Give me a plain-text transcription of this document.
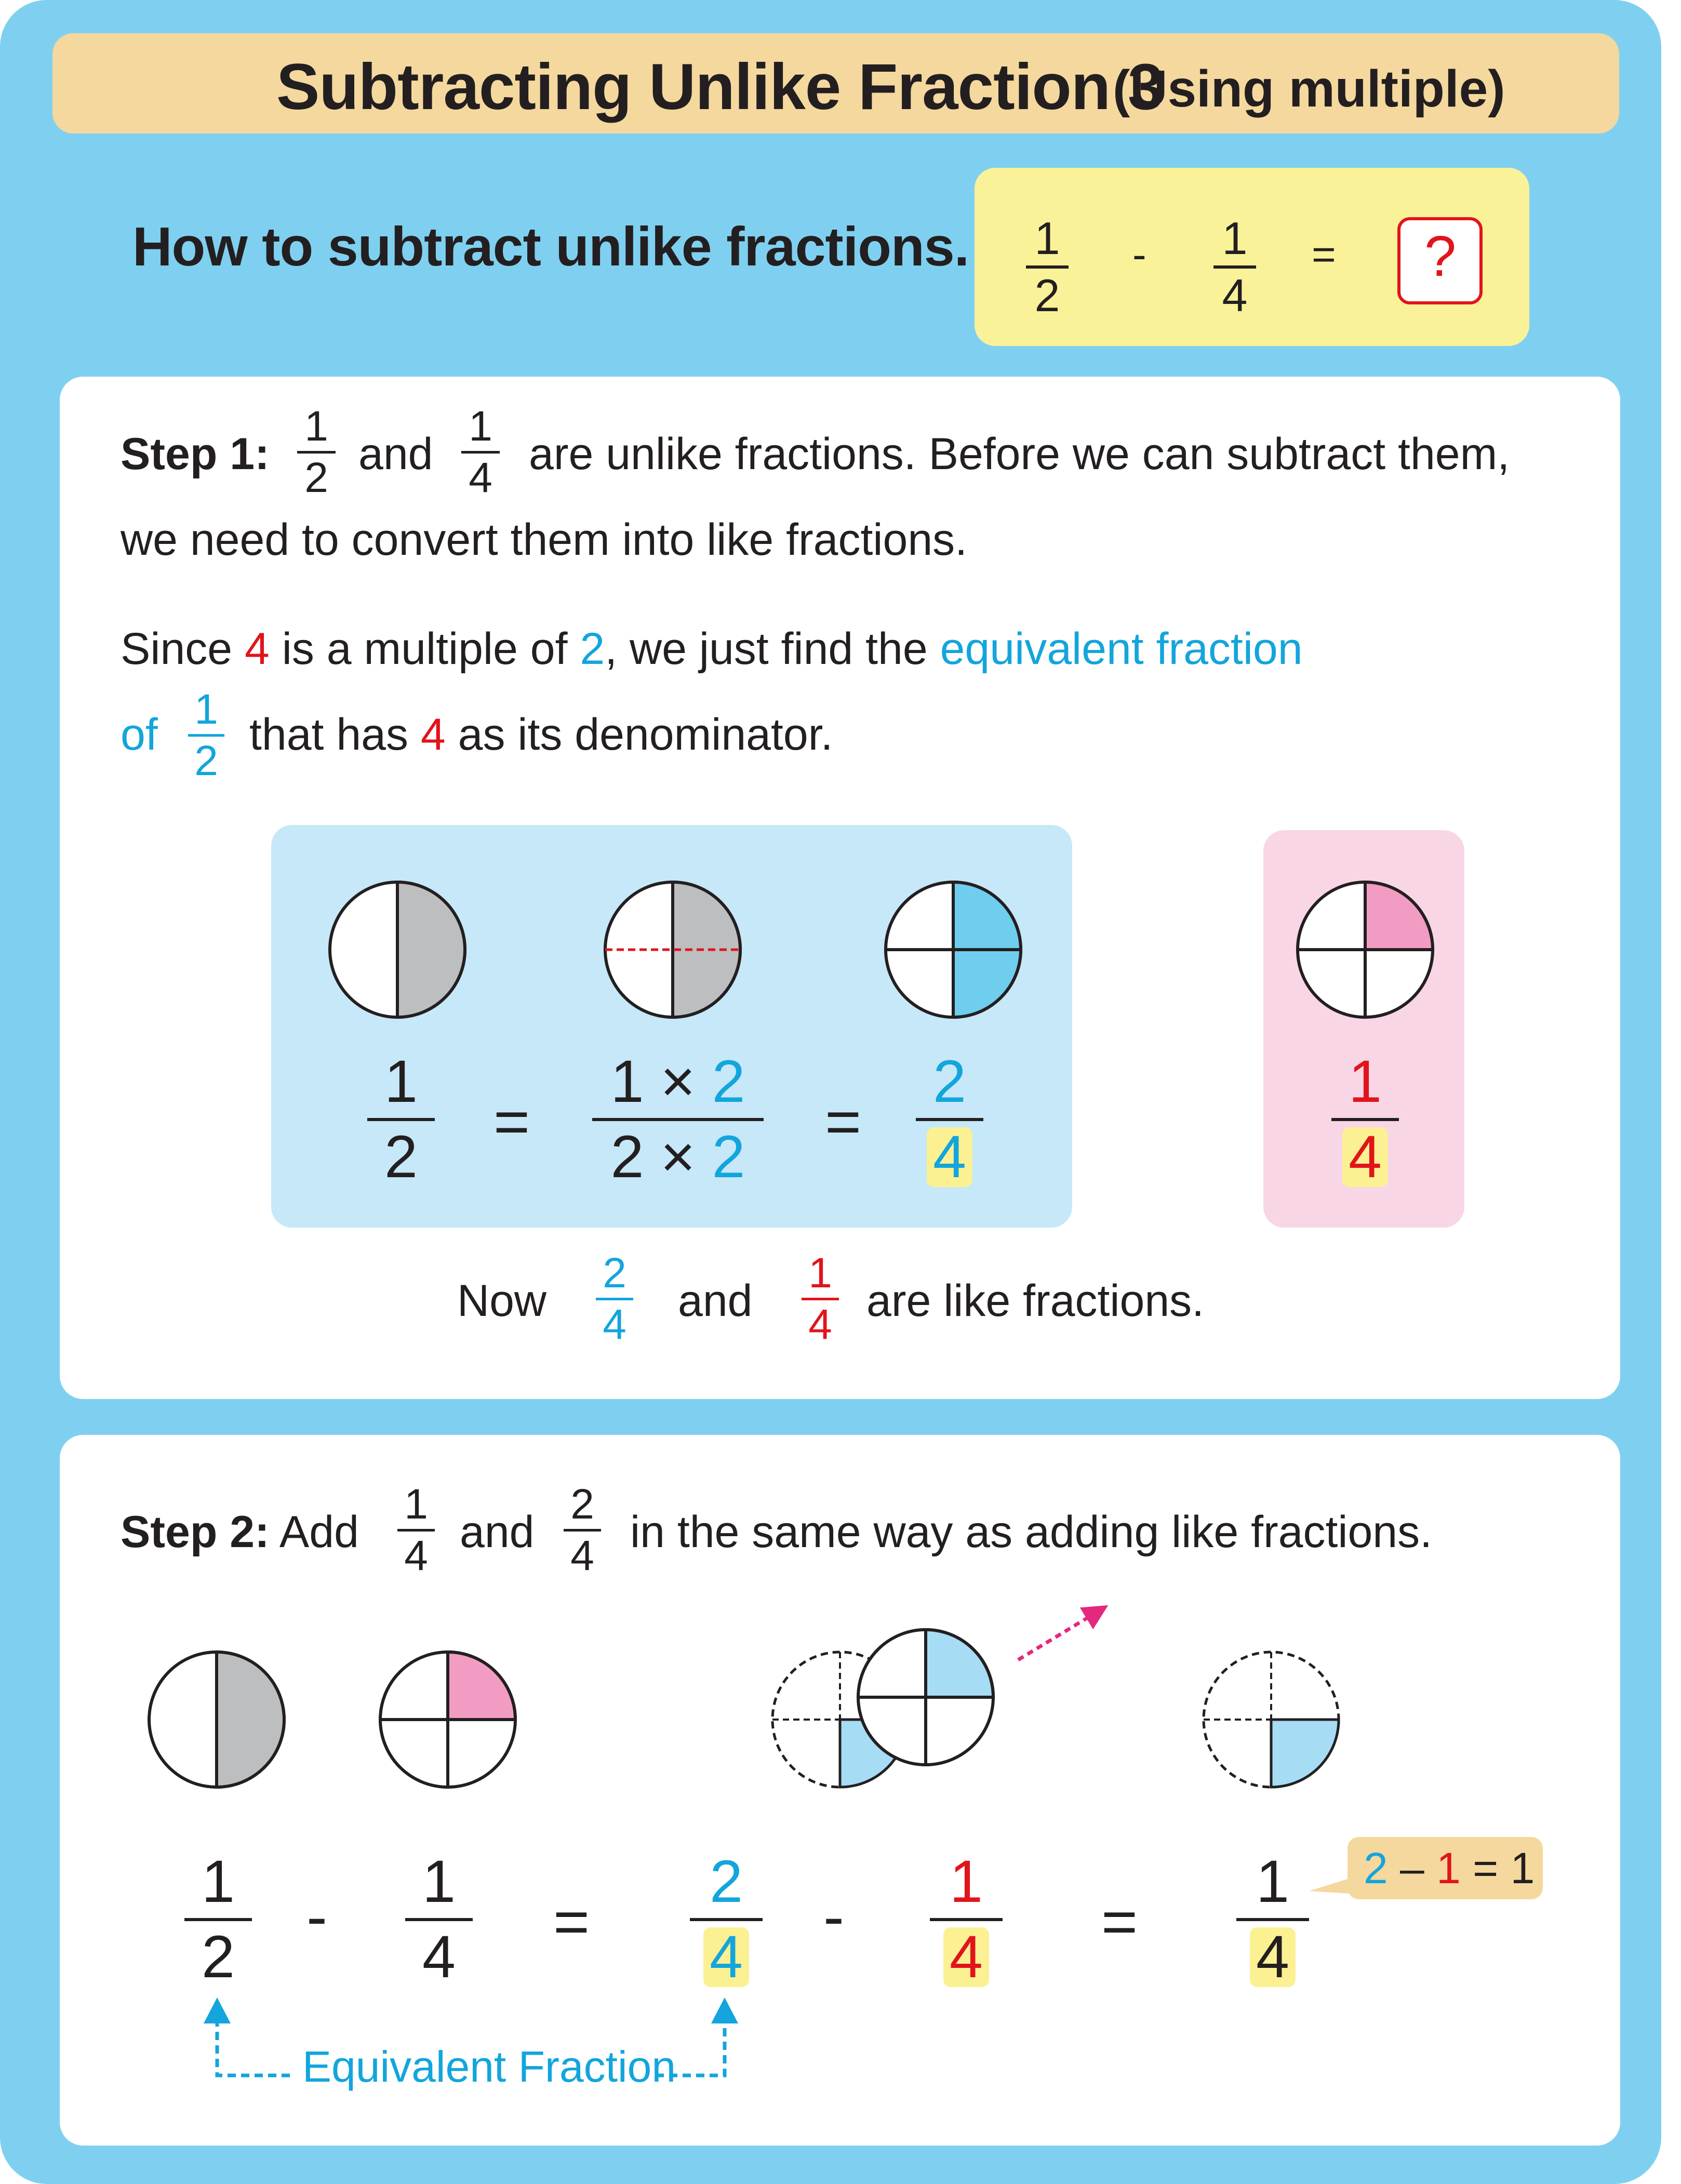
Subtracting Unlike Fraction 3
(Using multiple)
How to subtract unlike fractions. 1
2
- 1
4
= ?
Step 1:
1
2 and
1
4 are unlike fractions. Before we can subtract them,
we need to convert them into like fractions.
Since 4 is a multiple of 2, we just find the equivalent fraction
of
1
2
that has 4 as its denominator.
1
2
=
1 × 2
2 × 2
=
2
4
1
4
Now
2
4 and
1
4 are like fractions.
Step 2: Add
1
4 and
2
4 in the same way as adding like fractions.
1
2
- 1
4
=
2
4
- 1
4
=
1
4
2 – 1 = 1
Equivalent Fraction
